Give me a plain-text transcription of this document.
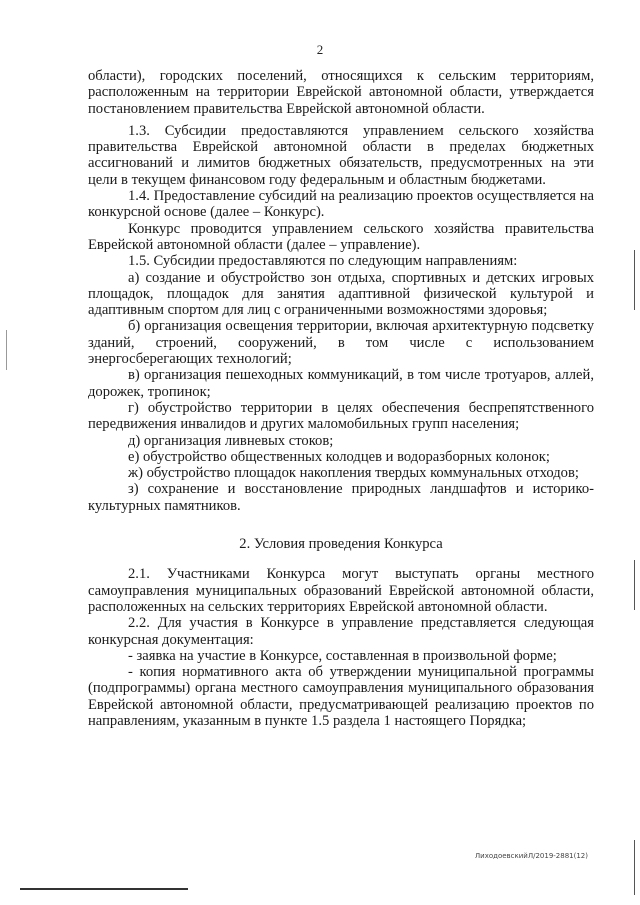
2

области), городских поселений, относящихся к сельским территориям, расположенным на территории Еврейской автономной области, утверждается постановлением правительства Еврейской автономной области.

1.3. Субсидии предоставляются управлением сельского хозяйства правительства Еврейской автономной области в пределах бюджетных ассигнований и лимитов бюджетных обязательств, предусмотренных на эти цели в текущем финансовом году федеральным и областным бюджетами.

1.4. Предоставление субсидий на реализацию проектов осуществляется на конкурсной основе (далее – Конкурс).

Конкурс проводится управлением сельского хозяйства правительства Еврейской автономной области (далее – управление).

1.5. Субсидии предоставляются по следующим направлениям:

а) создание и обустройство зон отдыха, спортивных и детских игровых площадок, площадок для занятия адаптивной физической культурой и адаптивным спортом для лиц с ограниченными возможностями здоровья;

б) организация освещения территории, включая архитектурную подсветку зданий, строений, сооружений, в том числе с использованием энергосберегающих технологий;

в) организация пешеходных коммуникаций, в том числе тротуаров, аллей, дорожек, тропинок;

г) обустройство территории в целях обеспечения беспрепятственного передвижения инвалидов и других маломобильных групп населения;

д) организация ливневых стоков;

е) обустройство общественных колодцев и водоразборных колонок;

ж) обустройство площадок накопления твердых коммунальных отходов;

з) сохранение и восстановление природных ландшафтов и историко-культурных памятников.

2. Условия проведения Конкурса

2.1. Участниками Конкурса могут выступать органы местного самоуправления муниципальных образований Еврейской автономной области, расположенных на сельских территориях Еврейской автономной области.

2.2. Для участия в Конкурсе в управление представляется следующая конкурсная документация:

- заявка на участие в Конкурсе, составленная в произвольной форме;

- копия нормативного акта об утверждении муниципальной программы (подпрограммы) органа местного самоуправления муниципального образования Еврейской автономной области, предусматривающей реализацию проектов по направлениям, указанным в пункте 1.5 раздела 1 настоящего Порядка;

ЛиходоевскийЛ/2019-2881(12)
